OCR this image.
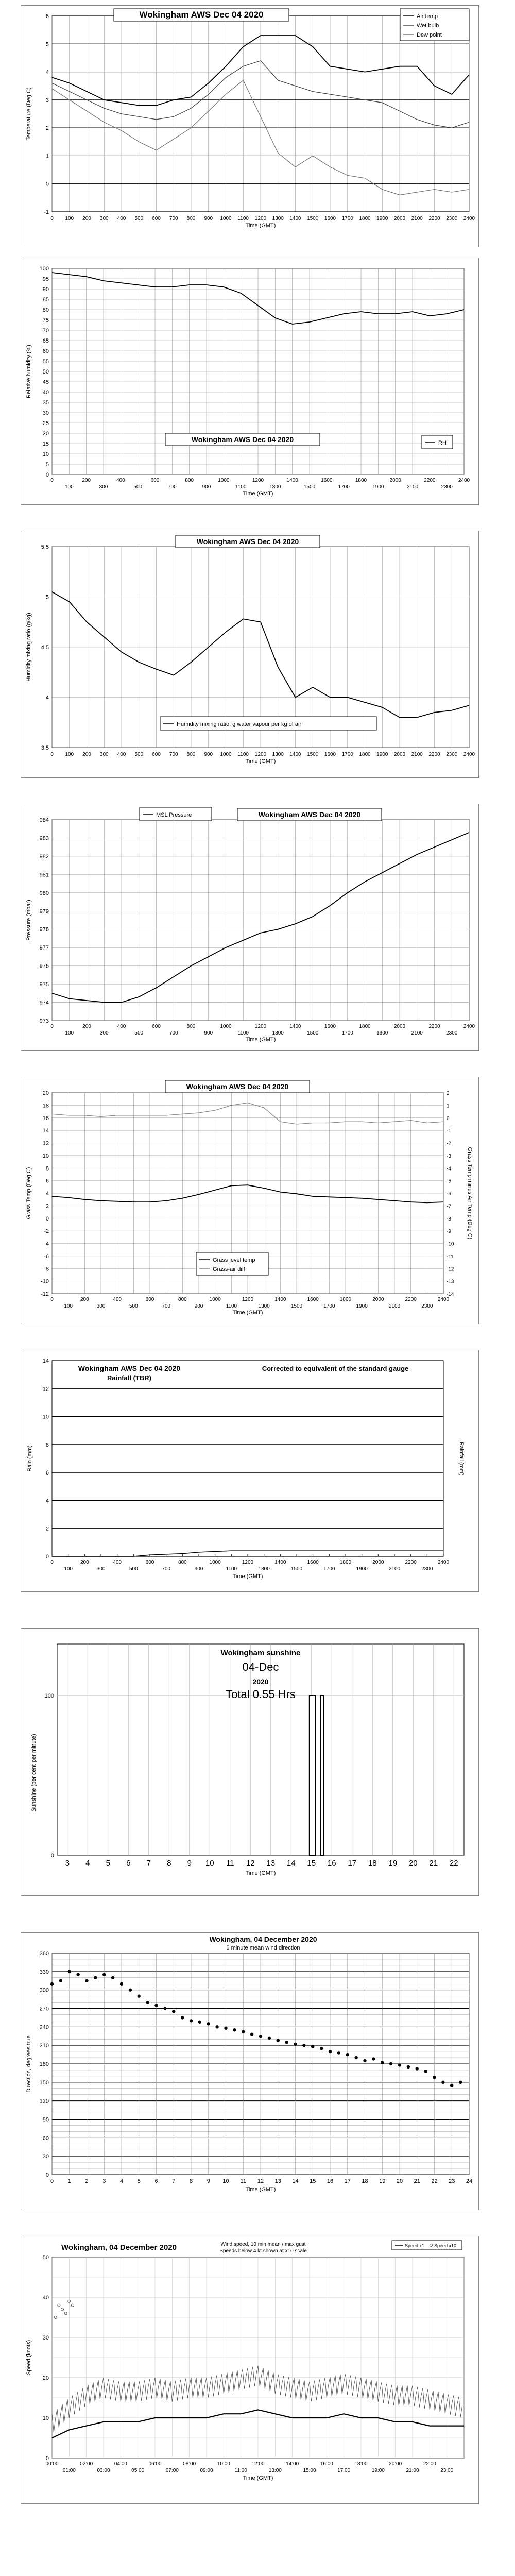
-1
0
1
2
3
4
5
6
0 100 200 300 400 500 600 700 800 900 1000 1100 1200 1300 1400 1500 1600 1700 1800 1900 2000 2100 2200 2300 2400
Time (GMT)
Temperature (Deg C)
Wokingham AWS Dec 04 2020	Air temp
Wet bulb
Dew point
0
5
10
15
20
25
30
35
40
45
50
55
60
65
70
75
80
85
90
95
100
0	200	400	600	800	1000	1200	1400	1600	1800	2000	2200	2400
100	300	500	700	900	1100	1300	1500	1700	1900	2100	2300
Time (GMT)
Relative humidity (%)
Wokingham AWS Dec 04 2020	RH
3.5
4
4.5
5
5.5
0 100 200 300 400 500 600 700 800 900 1000 1100 1200 1300 1400 1500 1600 1700 1800 1900 2000 2100 2200 2300 2400
Time (GMT)
Humidity mixing ratio (g/kg)
Wokingham AWS Dec 04 2020
Humidity mixing ratio, g water vapour per kg of air
973
974
975
976
977
978
979
980
981
982
983
984
0	200	400	600	800	1000	1200	1400	1600	1800	2000	2200	2400
100	300	500	700	900	1100	1300	1500	1700	1900	2100	2300
Time (GMT)
Pressure (mbar)
Wokingham AWS Dec 04 2020
MSL Pressure
-12
-10
-8
-6
-4
-2
0
2
4
6
8
10
12
14
16
18
20
0	200	400	600	800	1000	1200	1400	1600	1800	2000	2200	2400
100	300	500	700	900	1100	1300	1500	1700	1900	2100	2300
Time (GMT)
Grass Temp (Deg C)
-14
-13
-12
-11
-10
-9
-8
-7
-6
-5
-4
-3
-2
-1
0
1
2
Grass Temp minus Air Temp (Deg C)
Wokingham AWS Dec 04 2020
Grass level temp
Grass-air diff
0
2
4
6
8
10
12
14
0	200	400	600	800	1000	1200	1400	1600	1800	2000	2200	2400
100	300	500	700	900	1100	1300	1500	1700	1900	2100	2300
Time (GMT)
Rain (mm)	Rainfall (mm)
Wokingham AWS Dec 04 2020
Rainfall (TBR)
Corrected to equivalent of the standard gauge
0
100
3 4 5 6 7 8 9 10 11 12 13 14 15 16 17 18 19 20 21 22
Time (GMT)
Sunshine (per cent per minute)
Wokingham sunshine
04-Dec
2020
Total 0.55 Hrs
0
30
60
90
120
150
180
210
240
270
300
330
360
0	1	2	3	4	5	6	7	8	9 10 11 12 13 14 15 16 17 18 19 20 21 22 23 24
Time (GMT)
Direction, degrees true
Wokingham, 04 December 2020
5 minute mean wind direction
0
10
20
30
40
50
00:00	02:00	04:00	06:00	08:00	10:00	12:00	14:00	16:00	18:00	20:00	22:00
01:00	03:00	05:00	07:00	09:00	11:00	13:00	15:00	17:00	19:00	21:00	23:00
Time (GMT)
Speed (knots)
Wokingham, 04 December 2020	Wind speed, 10 min mean / max gust
Speeds below 4 kt shown at x10 scale
Speed x1 Speed x10
